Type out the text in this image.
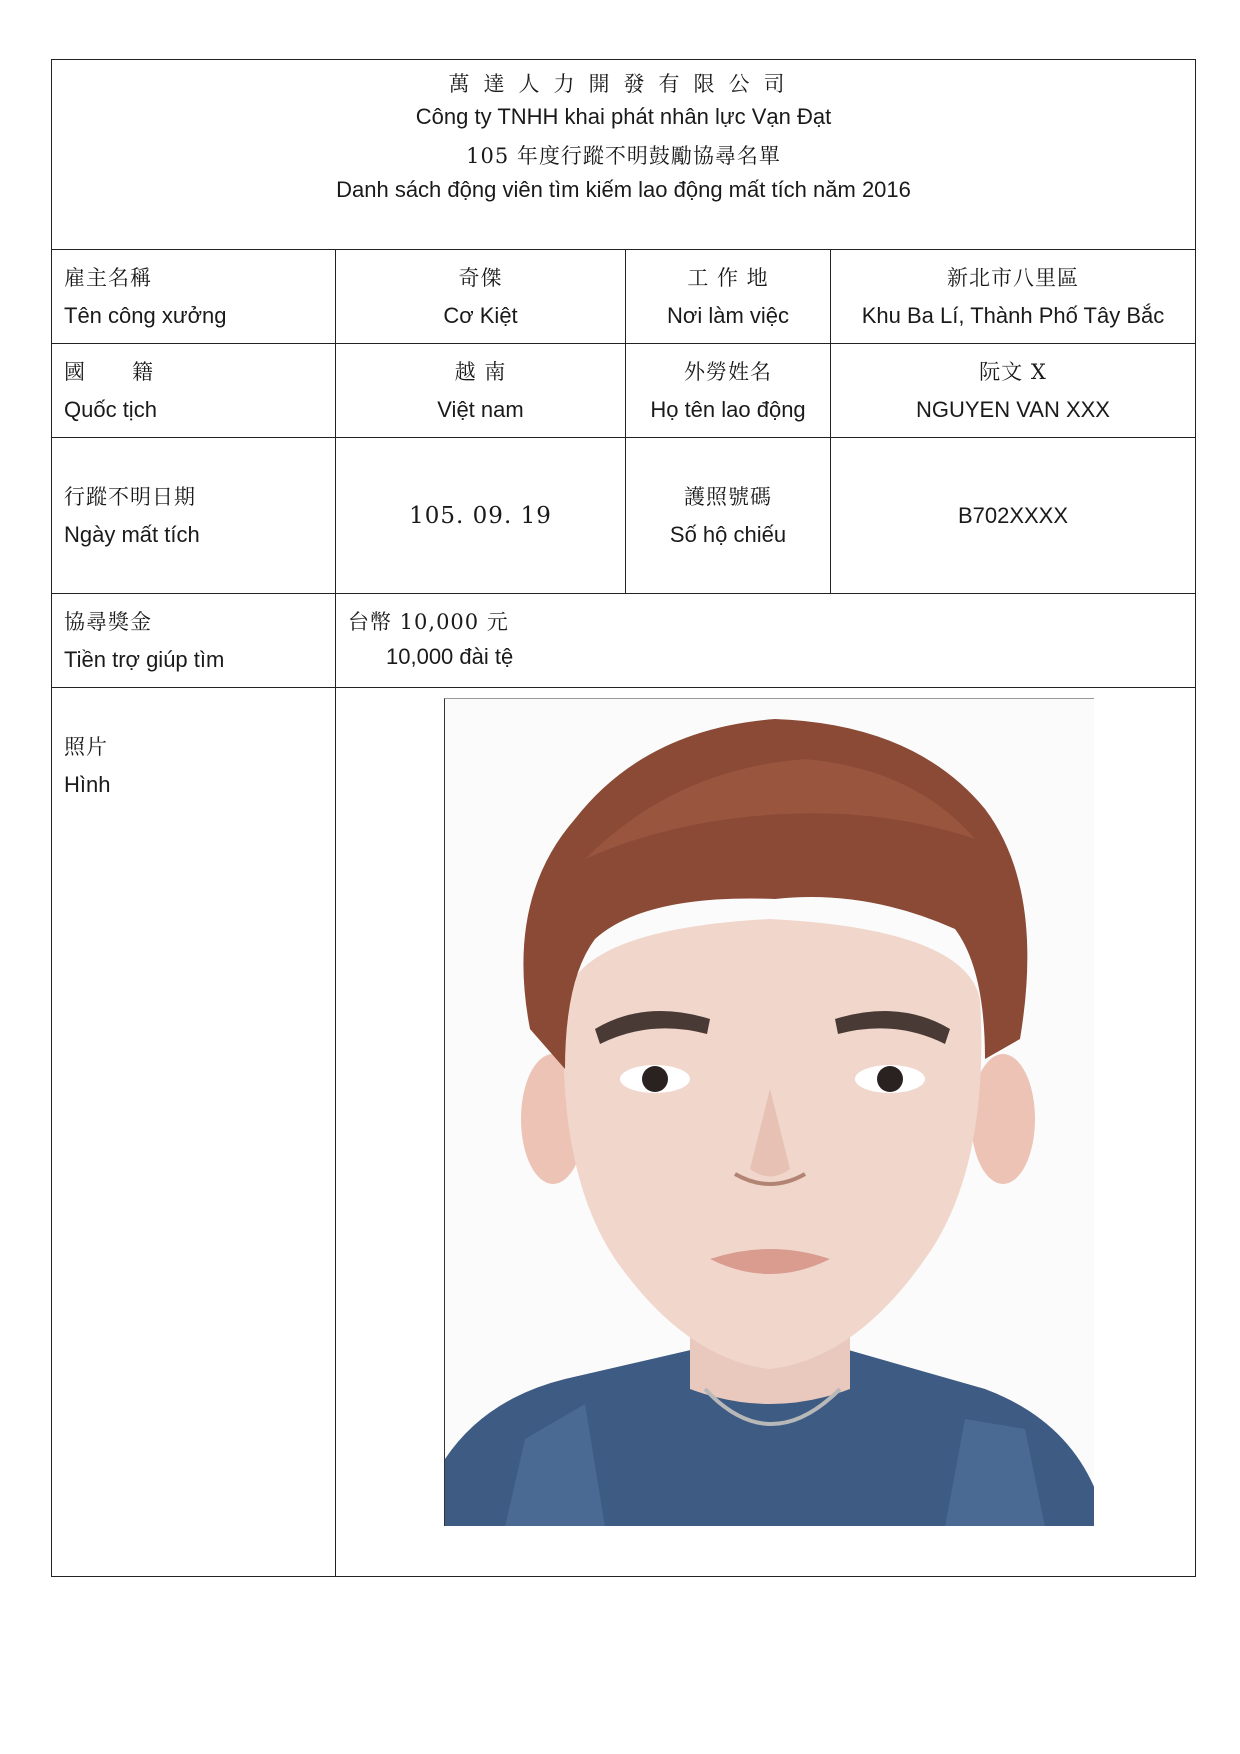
萬達人力開發有限公司
Công ty TNHH khai phát nhân lực Vạn Đạt
105 年度行蹤不明鼓勵協尋名單
Danh sách động viên tìm kiếm lao động mất tích năm 2016
雇主名稱
Tên công xưởng
奇傑
Cơ Kiệt
工 作 地
Nơi làm việc
新北市八里區
Khu Ba Lí, Thành Phố Tây Bắc
國      籍
Quốc tịch
越 南
Việt nam
外勞姓名
Họ tên lao động
阮文 X
NGUYEN VAN XXX
行蹤不明日期
Ngày mất tích
105. 09. 19
護照號碼
Số hộ chiếu
B702XXXX
協尋獎金
Tiền trợ giúp tìm
台幣 10,000 元
10,000 đài tệ
照片
Hình
